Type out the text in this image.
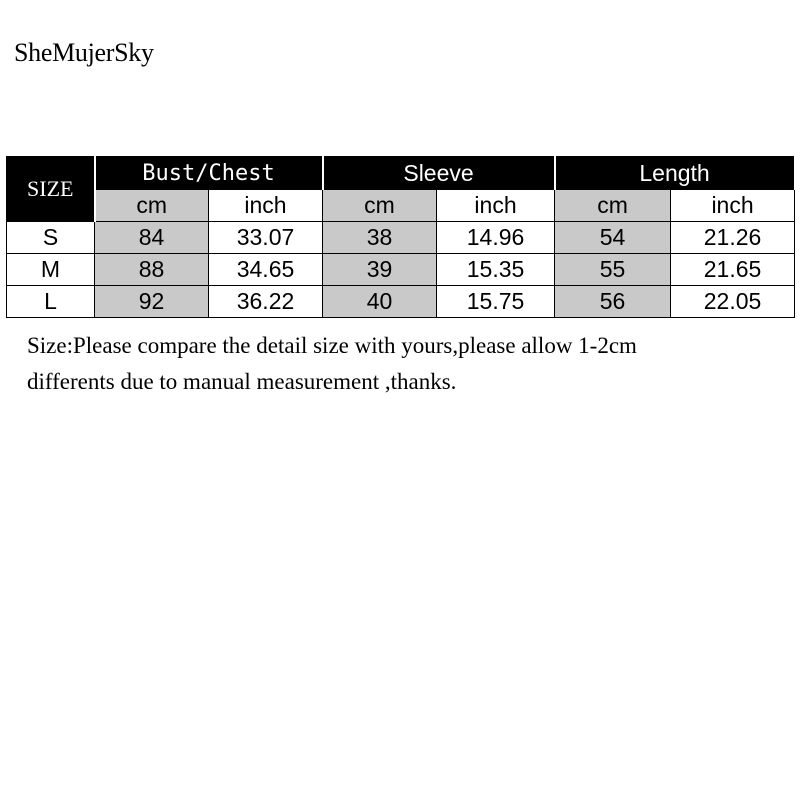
SheMujerSky
SIZE	Bust/Chest		Sleeve		Length	
	cm	inch	cm	inch	cm	inch
S	84	33.07	38	14.96	54	21.26
M	88	34.65	39	15.35	55	21.65
L	92	36.22	40	15.75	56	22.05
Size:Please compare the detail size with yours,please allow 1-2cm
differents due to manual measurement ,thanks.
